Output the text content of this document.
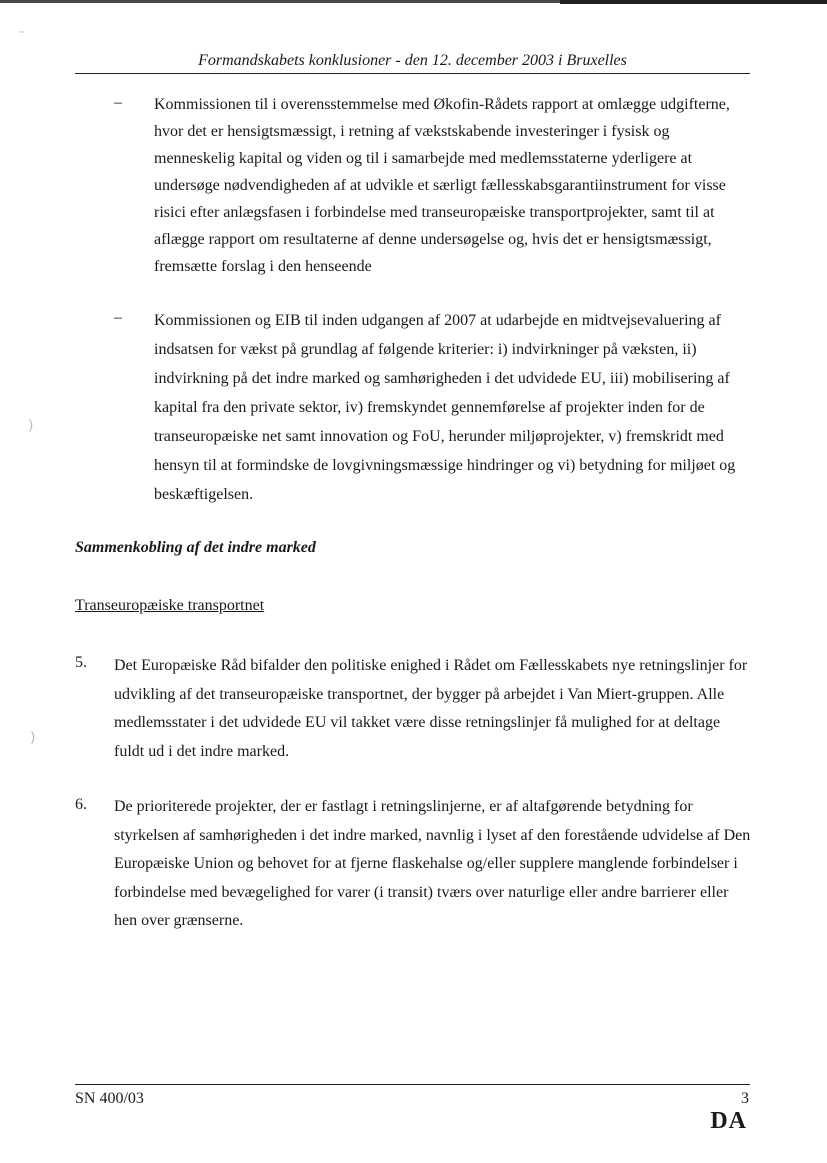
ˉ
)
)
Formandskabets konklusioner - den 12. december 2003 i Bruxelles
– Kommissionen til i overensstemmelse med Økofin-Rådets rapport at omlægge udgifterne, hvor det er hensigtsmæssigt, i retning af vækstskabende investeringer i fysisk og menneskelig kapital og viden og til i samarbejde med medlemsstaterne yderligere at undersøge nødvendigheden af at udvikle et særligt fællesskabsgarantiinstrument for visse risici efter anlægsfasen i forbindelse med transeuropæiske transportprojekter, samt til at aflægge rapport om resultaterne af denne undersøgelse og, hvis det er hensigtsmæssigt, fremsætte forslag i den henseende

– Kommissionen og EIB til inden udgangen af 2007 at udarbejde en midtvejsevaluering af indsatsen for vækst på grundlag af følgende kriterier: i) indvirkninger på væksten, ii) indvirkning på det indre marked og samhørigheden i det udvidede EU, iii) mobilisering af kapital fra den private sektor, iv) fremskyndet gennemførelse af projekter inden for de transeuropæiske net samt innovation og FoU, herunder miljøprojekter, v) fremskridt med hensyn til at formindske de lovgivningsmæssige hindringer og vi) betydning for miljøet og beskæftigelsen.

Sammenkobling af det indre marked
Transeuropæiske transportnet
5. Det Europæiske Råd bifalder den politiske enighed i Rådet om Fællesskabets nye retningslinjer for udvikling af det transeuropæiske transportnet, der bygger på arbejdet i Van Miert-gruppen. Alle medlemsstater i det udvidede EU vil takket være disse retningslinjer få mulighed for at deltage fuldt ud i det indre marked.

6. De prioriterede projekter, der er fastlagt i retningslinjerne, er af altafgørende betydning for styrkelsen af samhørigheden i det indre marked, navnlig i lyset af den forestående udvidelse af Den Europæiske Union og behovet for at fjerne flaskehalse og/eller supplere manglende forbindelser i forbindelse med bevægelighed for varer (i transit) tværs over naturlige eller andre barrierer eller hen over grænserne.

SN 400/03	3
DA
